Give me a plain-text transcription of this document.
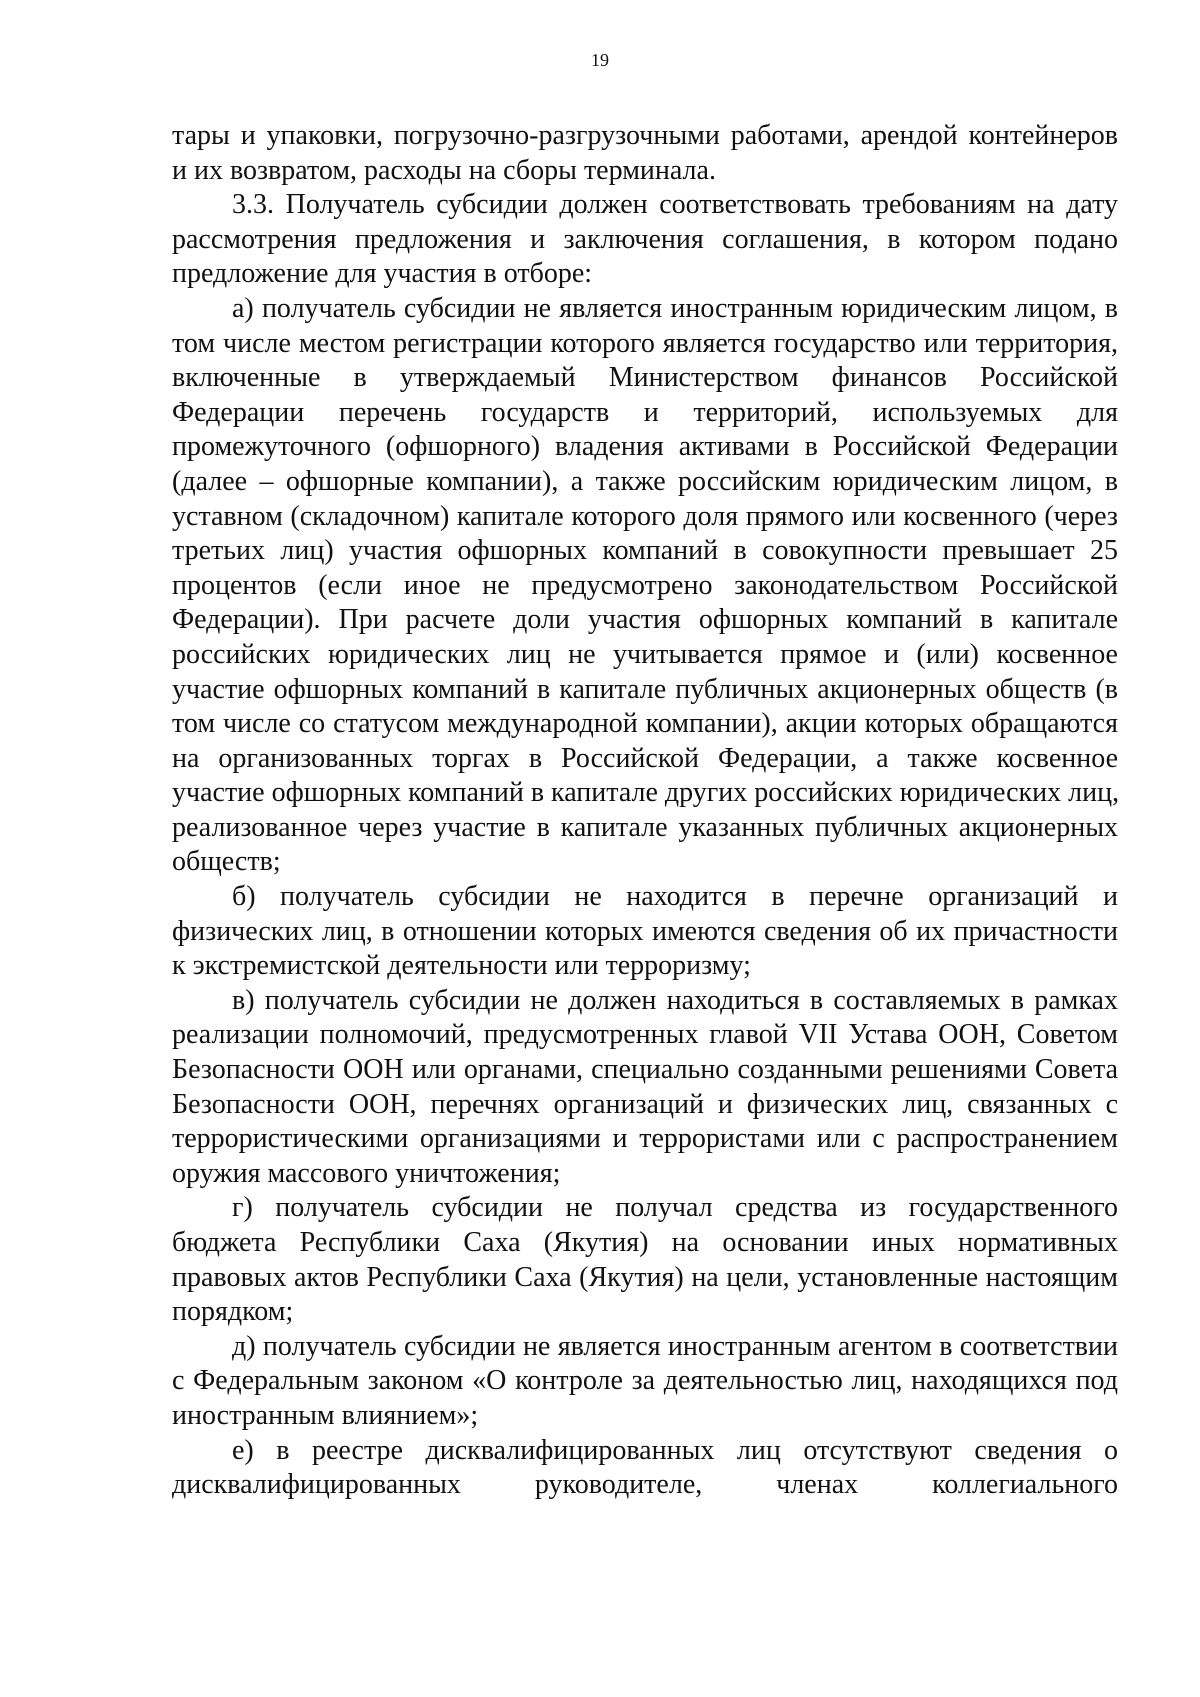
19

тары и упаковки, погрузочно-разгрузочными работами, арендой контейнеров
и их возвратом, расходы на сборы терминала.

3.3. Получатель субсидии должен соответствовать требованиям на дату
рассмотрения предложения и заключения соглашения, в котором подано
предложение для участия в отборе:

а) получатель субсидии не является иностранным юридическим лицом, в
том числе местом регистрации которого является государство или территория,
включенные в утверждаемый Министерством финансов Российской
Федерации перечень государств и территорий, используемых для
промежуточного (офшорного) владения активами в Российской Федерации
(далее – офшорные компании), а также российским юридическим лицом, в
уставном (складочном) капитале которого доля прямого или косвенного (через
третьих лиц) участия офшорных компаний в совокупности превышает 25
процентов (если иное не предусмотрено законодательством Российской
Федерации). При расчете доли участия офшорных компаний в капитале
российских юридических лиц не учитывается прямое и (или) косвенное
участие офшорных компаний в капитале публичных акционерных обществ (в
том числе со статусом международной компании), акции которых обращаются
на организованных торгах в Российской Федерации, а также косвенное
участие офшорных компаний в капитале других российских юридических лиц,
реализованное через участие в капитале указанных публичных акционерных
обществ;

б) получатель субсидии не находится в перечне организаций и
физических лиц, в отношении которых имеются сведения об их причастности
к экстремистской деятельности или терроризму;

в) получатель субсидии не должен находиться в составляемых в рамках
реализации полномочий, предусмотренных главой VII Устава ООН, Советом
Безопасности ООН или органами, специально созданными решениями Совета
Безопасности ООН, перечнях организаций и физических лиц, связанных с
террористическими организациями и террористами или с распространением
оружия массового уничтожения;

г) получатель субсидии не получал средства из государственного
бюджета Республики Саха (Якутия) на основании иных нормативных
правовых актов Республики Саха (Якутия) на цели, установленные настоящим
порядком;

д) получатель субсидии не является иностранным агентом в соответствии
с Федеральным законом «О контроле за деятельностью лиц, находящихся под
иностранным влиянием»;

е) в реестре дисквалифицированных лиц отсутствуют сведения о
дисквалифицированных руководителе, членах коллегиального
